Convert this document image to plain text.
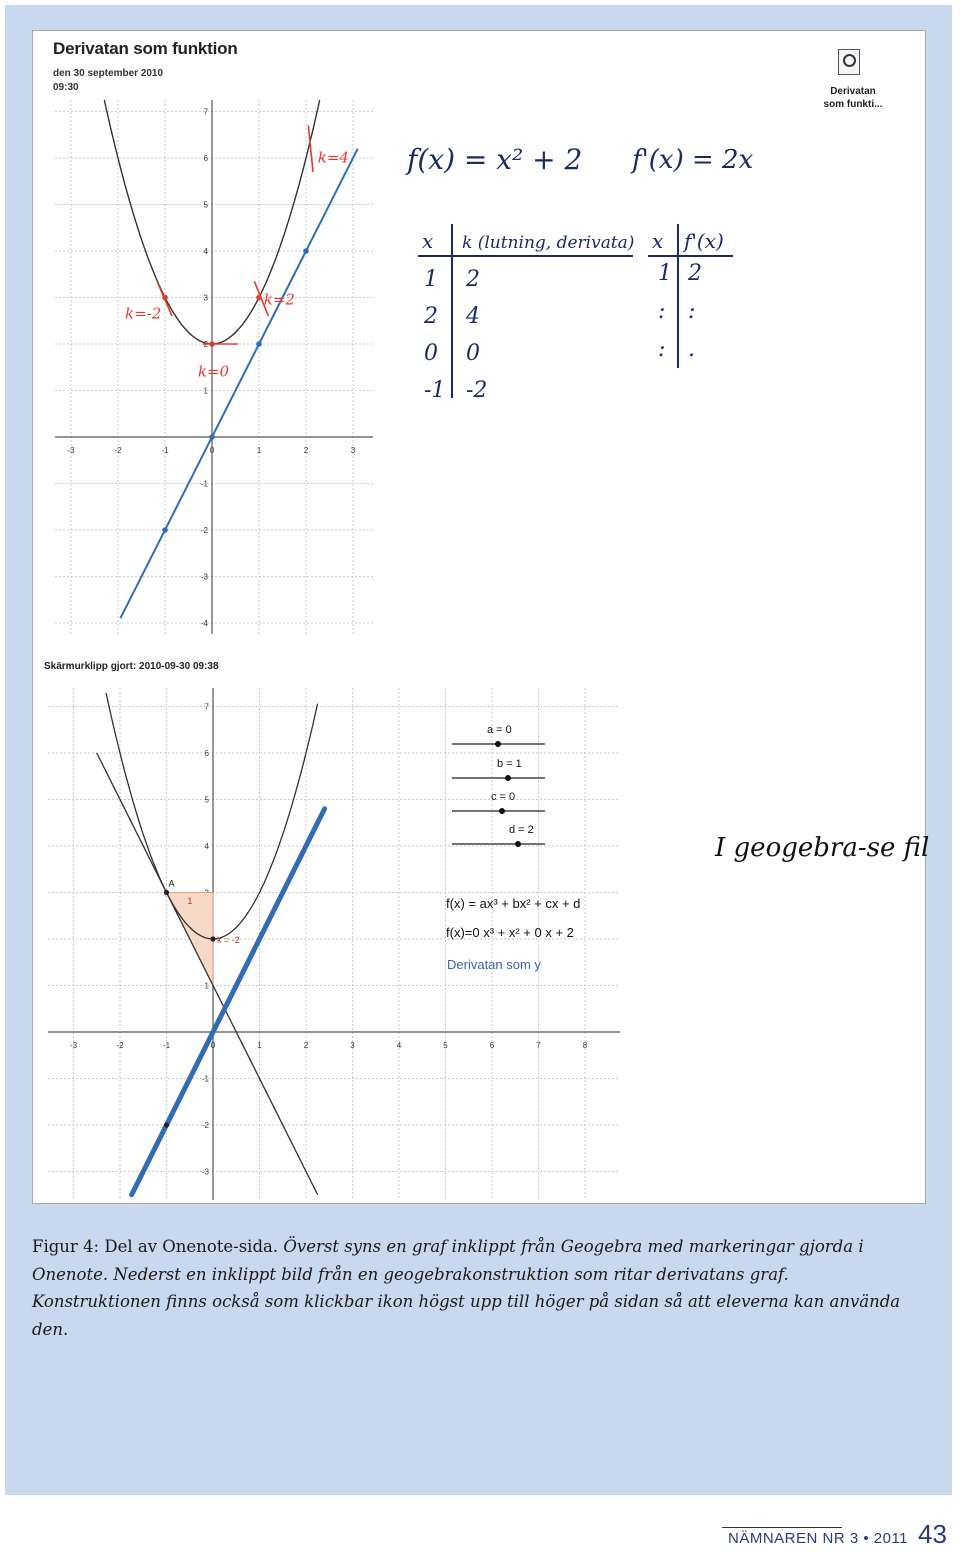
Derivatan som funktion
den 30 september 2010
09:30	Derivatan
som funkti...
-3	-2	-1	0	1	2	3
-4
-3
-2
-1
1
2
3
4
5
6
7
k=4
k=2
k=-2
k=0
f(x) = x² + 2 f'(x) = 2x
x k (lutning, derivata)
1 2
2 4
0 0
-1 -2
x f'(x)
1 2
: :
: .
Skärmurklipp gjort: 2010-09-30 09:38
-3	-2	-1	0	1	2	3	4	5	6	7	8
-3
-2
-1
1
4
5
6
7
A
k = -2
1
a = 0
b = 1
c = 0
d = 2
f(x) = ax³ + bx² + cx + d
f(x)=0 x³ + x² + 0 x + 2
Derivatan som y
I geogebra-se fil
Figur 4: Del av Onenote-sida. Överst syns en graf inklippt från Geogebra med markeringar gjorda i Onenote. Nederst en inklippt bild från en geogebrakonstruktion som ritar derivatans graf. Konstruktionen finns också som klickbar ikon högst upp till höger på sidan så att eleverna kan använda den.
NÄMNAREN NR 3 • 2011 43
